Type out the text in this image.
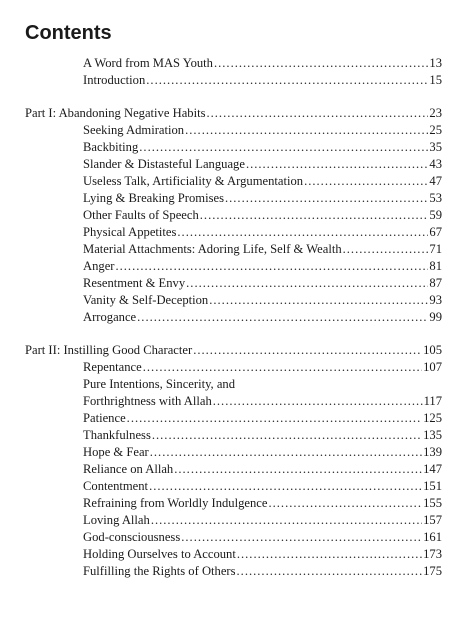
Contents
A Word from MAS Youth .....	13
Introduction .....	15
Part I: Abandoning Negative Habits .....	23
Seeking Admiration .....	25
Backbiting .....	35
Slander & Distasteful Language .....	43
Useless Talk, Artificiality & Argumentation .....	47
Lying & Breaking Promises .....	53
Other Faults of Speech .....	59
Physical Appetites .....	67
Material Attachments: Adoring Life, Self & Wealth .....	71
Anger .....	81
Resentment & Envy .....	87
Vanity & Self-Deception .....	93
Arrogance .....	99
Part II: Instilling Good Character .....	105
Repentance .....	107
Pure Intentions, Sincerity, and
Forthrightness with Allah .....	117
Patience .....	125
Thankfulness .....	135
Hope & Fear .....	139
Reliance on Allah .....	147
Contentment .....	151
Refraining from Worldly Indulgence .....	155
Loving Allah .....	157
God-consciousness .....	161
Holding Ourselves to Account .....	173
Fulfilling the Rights of Others .....	175
